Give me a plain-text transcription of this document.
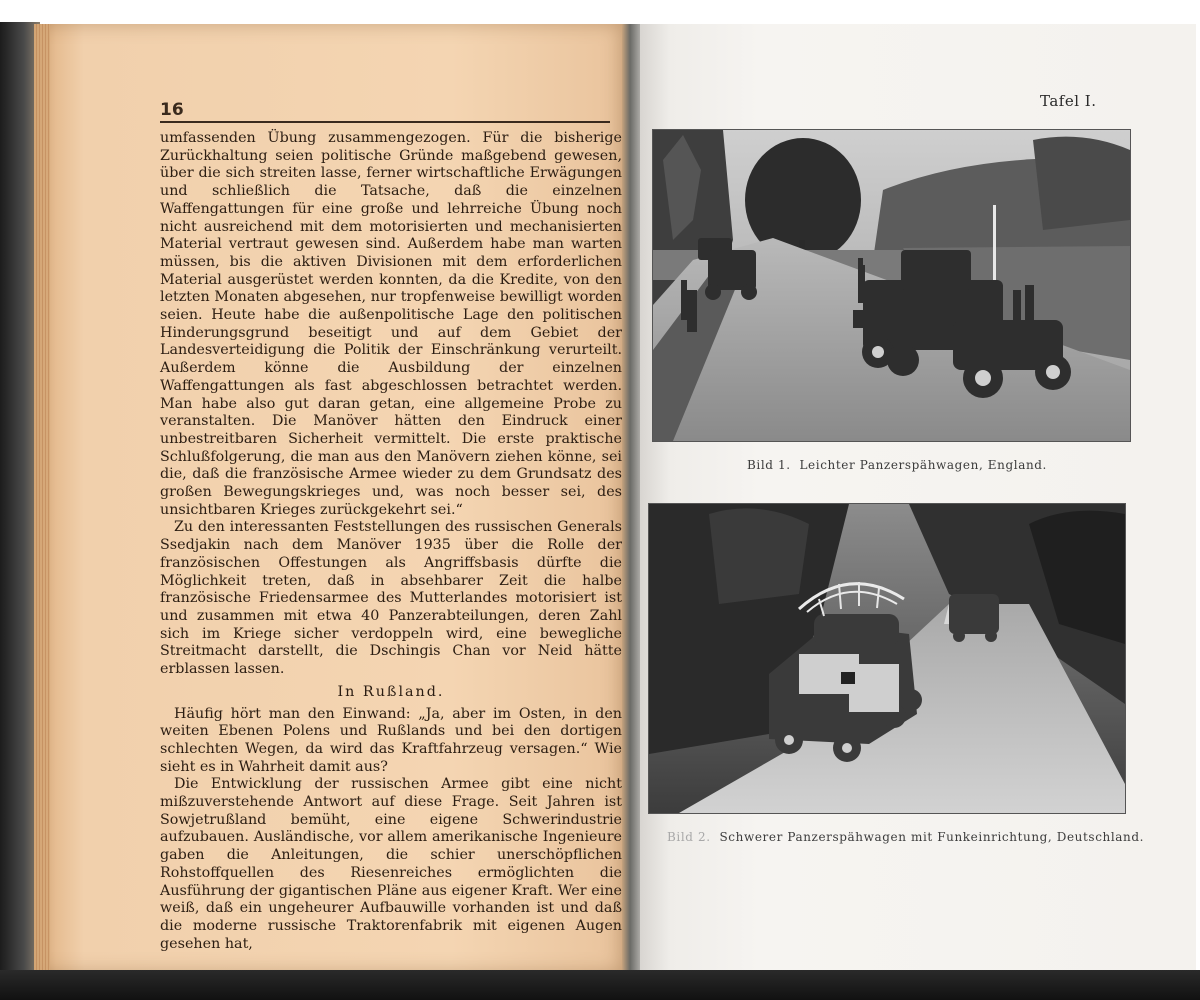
16

umfassenden Übung zusammengezogen. Für die bisherige Zurückhaltung seien politische Gründe maßgebend gewesen, über die sich streiten lasse, ferner wirtschaftliche Erwägungen und schließlich die Tatsache, daß die einzelnen Waffengattungen für eine große und lehrreiche Übung noch nicht ausreichend mit dem motorisierten und mechanisierten Material vertraut gewesen sind. Außerdem habe man warten müssen, bis die aktiven Divisionen mit dem erforderlichen Material ausgerüstet werden konnten, da die Kredite, von den letzten Monaten abgesehen, nur tropfenweise bewilligt worden seien. Heute habe die außenpolitische Lage den politischen Hinderungsgrund beseitigt und auf dem Gebiet der Landesverteidigung die Politik der Einschränkung verurteilt. Außerdem könne die Ausbildung der einzelnen Waffengattungen als fast abgeschlossen betrachtet werden. Man habe also gut daran getan, eine allgemeine Probe zu veranstalten. Die Manöver hätten den Eindruck einer unbestreitbaren Sicherheit vermittelt. Die erste praktische Schlußfolgerung, die man aus den Manövern ziehen könne, sei die, daß die französische Armee wieder zu dem Grundsatz des großen Bewegungskrieges und, was noch besser sei, des unsichtbaren Krieges zurückgekehrt sei.“

Zu den interessanten Feststellungen des russischen Generals Ssedjakin nach dem Manöver 1935 über die Rolle der französischen Offestungen als Angriffsbasis dürfte die Möglichkeit treten, daß in absehbarer Zeit die halbe französische Friedensarmee des Mutterlandes motorisiert ist und zusammen mit etwa 40 Panzerabteilungen, deren Zahl sich im Kriege sicher verdoppeln wird, eine bewegliche Streitmacht darstellt, die Dschingis Chan vor Neid hätte erblassen lassen.

In Rußland.

Häufig hört man den Einwand: „Ja, aber im Osten, in den weiten Ebenen Polens und Rußlands und bei den dortigen schlechten Wegen, da wird das Kraftfahrzeug versagen.“ Wie sieht es in Wahrheit damit aus?

Die Entwicklung der russischen Armee gibt eine nicht mißzuverstehende Antwort auf diese Frage. Seit Jahren ist Sowjetrußland bemüht, eine eigene Schwerindustrie aufzubauen. Ausländische, vor allem amerikanische Ingenieure gaben die Anleitungen, die schier unerschöpflichen Rohstoffquellen des Riesenreiches ermöglichten die Ausführung der gigantischen Pläne aus eigener Kraft. Wer eine weiß, daß ein ungeheurer Aufbauwille vorhanden ist und daß die moderne russische Traktorenfabrik mit eigenen Augen gesehen hat,

Tafel I.

Bild 1. Leichter Panzerspähwagen, England.

Bild 2. Schwerer Panzerspähwagen mit Funkeinrichtung, Deutschland.
